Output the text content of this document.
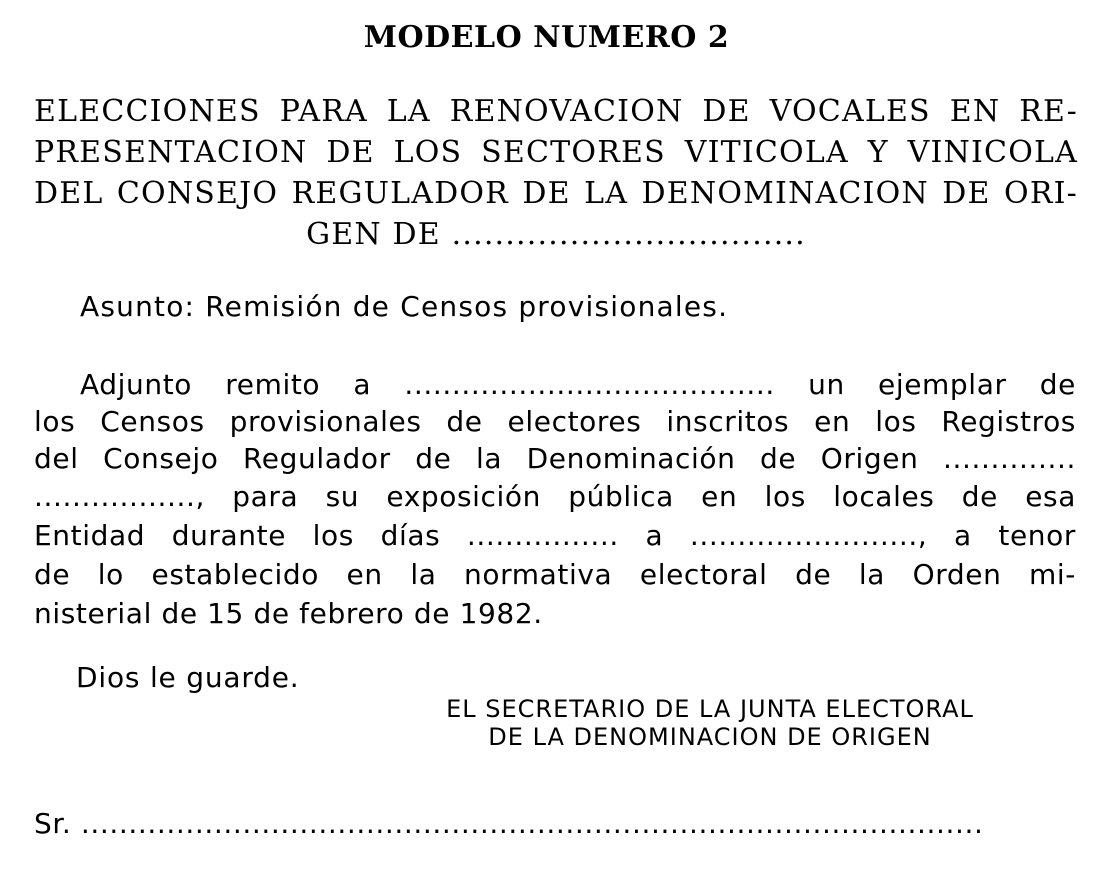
MODELO NUMERO 2
ELECCIONES PARA LA RENOVACION DE VOCALES EN RE-
PRESENTACION DE LOS SECTORES VITICOLA Y VINICOLA
DEL CONSEJO REGULADOR DE LA DENOMINACION DE ORI-
GEN DE .................................
Asunto: Remisión de Censos provisionales.
Adjunto remito a ....................................... un ejemplar de
los Censos provisionales de electores inscritos en los Registros
del Consejo Regulador de la Denominación de Origen ..............
................., para su exposición pública en los locales de esa
Entidad durante los días ................ a ........................, a tenor
de lo establecido en la normativa electoral de la Orden mi-
nisterial de 15 de febrero de 1982.
Dios le guarde.
EL SECRETARIO DE LA JUNTA ELECTORAL
DE LA DENOMINACION DE ORIGEN
Sr. ...............................................................................................
